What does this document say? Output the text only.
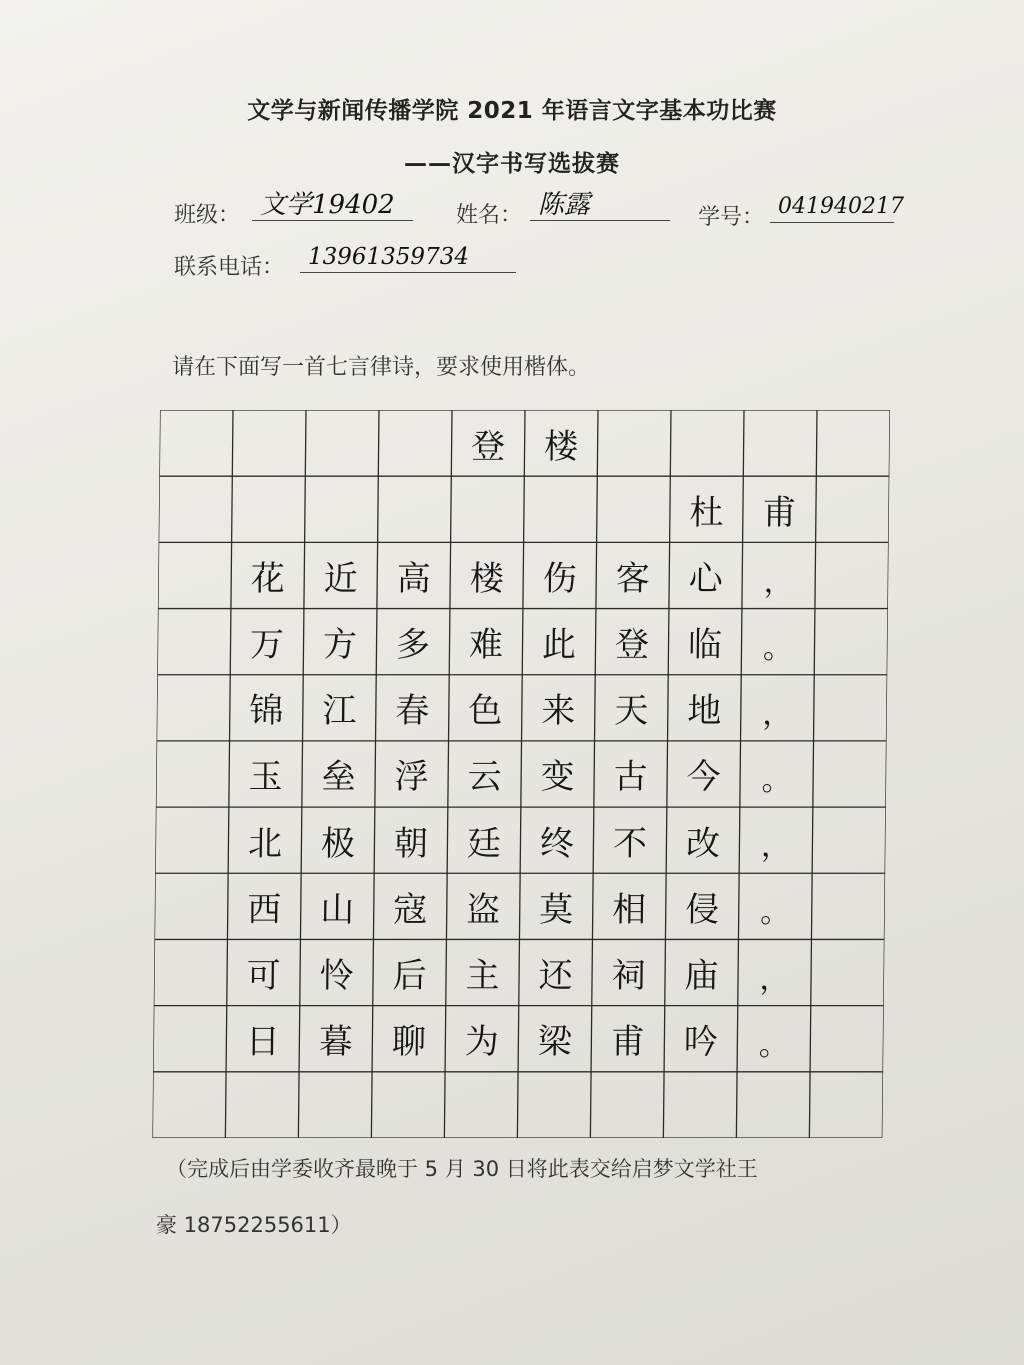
文学与新闻传播学院 2021 年语言文字基本功比赛
——汉字书写选拔赛
班级： 文学19402	姓名： 陈露	学号： 041940217
联系电话：	13961359734
请在下面写一首七言律诗，要求使用楷体。
登	楼
杜	甫
花	近	高	楼	伤	客	心	，
万	方	多	难	此	登	临	。
锦	江	春	色	来	天	地	，
玉	垒	浮	云	变	古	今	。
北	极	朝	廷	终	不	改	，
西	山	寇	盗	莫	相	侵	。
可	怜	后	主	还	祠	庙	，
日	暮	聊	为	梁	甫	吟	。
（完成后由学委收齐最晚于 5 月 30 日将此表交给启梦文学社王
豪 18752255611）
